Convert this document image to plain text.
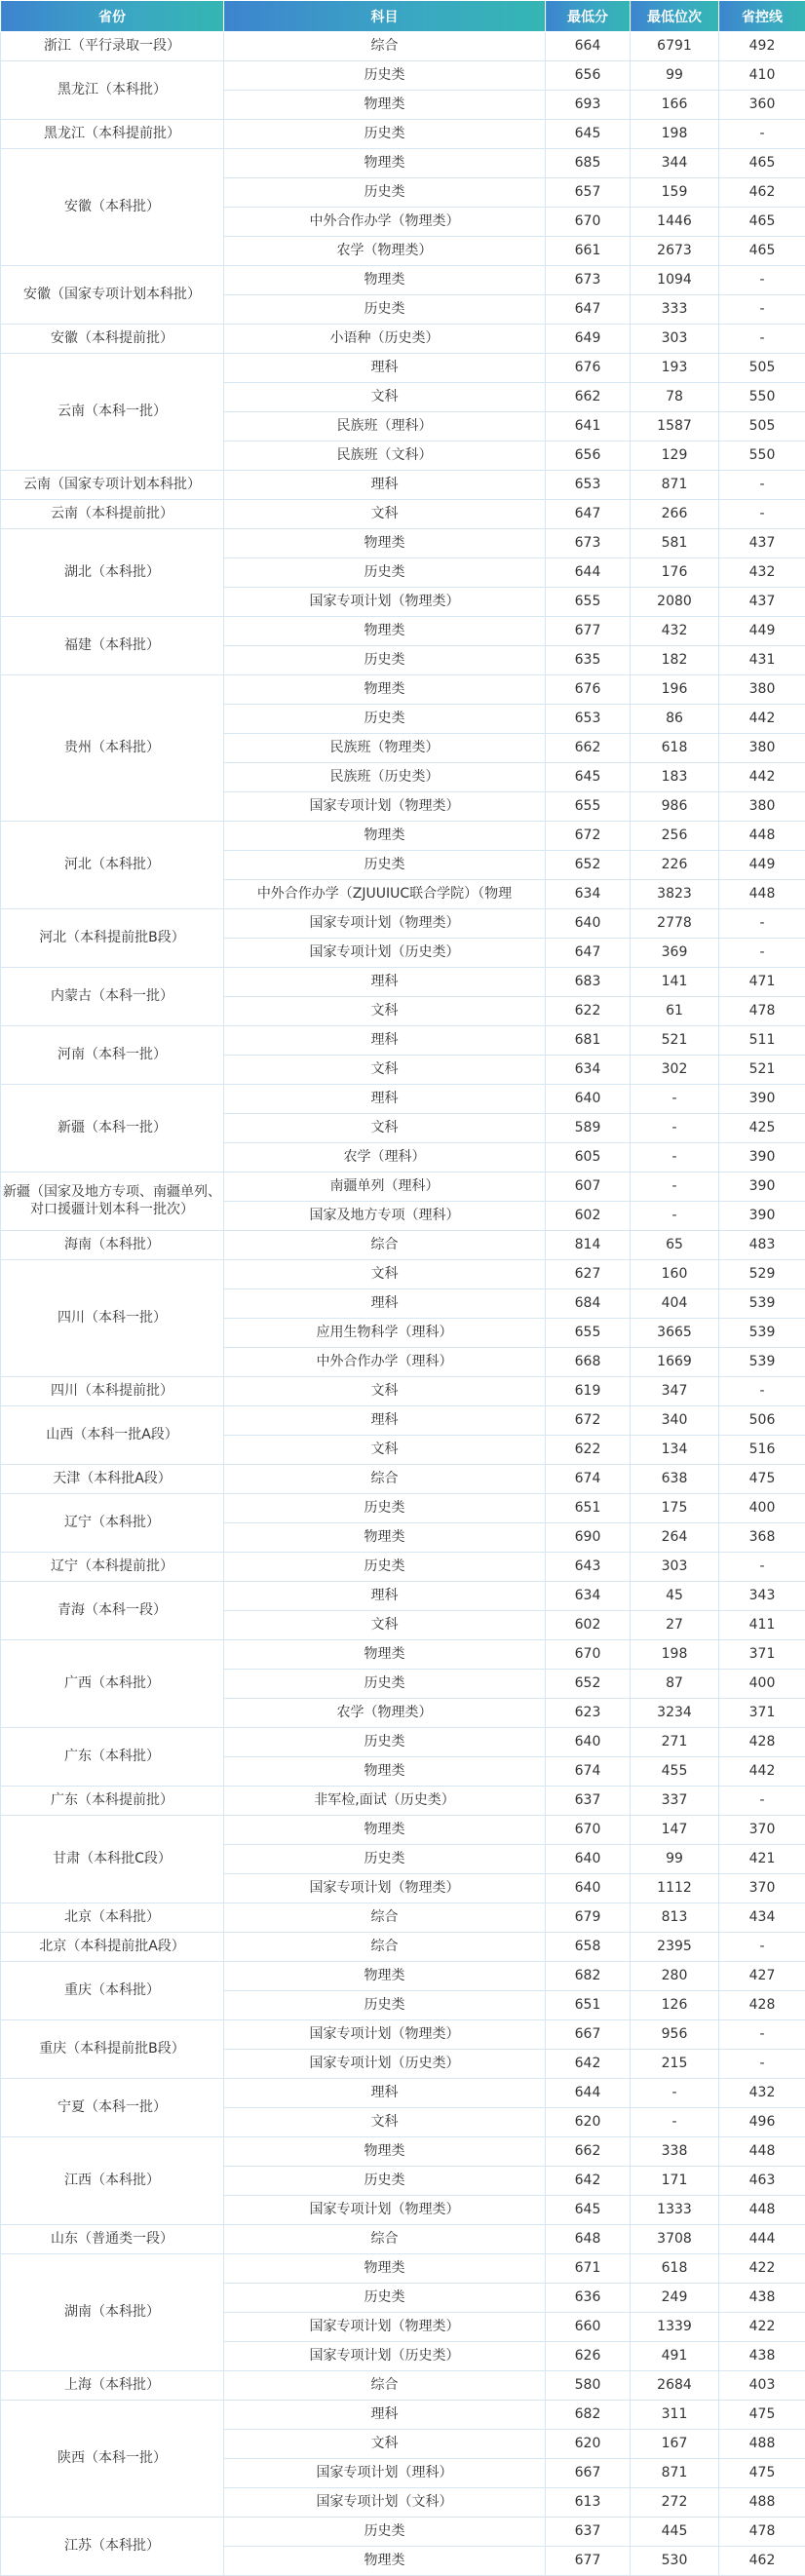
省份	科目	最低分	最低位次	省控线
浙江（平行录取一段）	综合	664	6791	492
黑龙江（本科批）	历史类	656	99	410
	物理类	693	166	360
黑龙江（本科提前批）	历史类	645	198	-
安徽（本科批）	物理类	685	344	465
	历史类	657	159	462
	中外合作办学（物理类）	670	1446	465
	农学（物理类）	661	2673	465
安徽（国家专项计划本科批）	物理类	673	1094	-
	历史类	647	333	-
安徽（本科提前批）	小语种（历史类）	649	303	-
云南（本科一批）	理科	676	193	505
	文科	662	78	550
	民族班（理科）	641	1587	505
	民族班（文科）	656	129	550
云南（国家专项计划本科批）	理科	653	871	-
云南（本科提前批）	文科	647	266	-
湖北（本科批）	物理类	673	581	437
	历史类	644	176	432
	国家专项计划（物理类）	655	2080	437
福建（本科批）	物理类	677	432	449
	历史类	635	182	431
贵州（本科批）	物理类	676	196	380
	历史类	653	86	442
	民族班（物理类）	662	618	380
	民族班（历史类）	645	183	442
	国家专项计划（物理类）	655	986	380
河北（本科批）	物理类	672	256	448
	历史类	652	226	449
	中外合作办学（ZJUUIUC联合学院）（物理	634	3823	448
河北（本科提前批B段）	国家专项计划（物理类）	640	2778	-
	国家专项计划（历史类）	647	369	-
内蒙古（本科一批）	理科	683	141	471
	文科	622	61	478
河南（本科一批）	理科	681	521	511
	文科	634	302	521
新疆（本科一批）	理科	640	-	390
	文科	589	-	425
	农学（理科）	605	-	390
新疆（国家及地方专项、南疆单列、对口援疆计划本科一批次）	南疆单列（理科）	607	-	390
	国家及地方专项（理科）	602	-	390
海南（本科批）	综合	814	65	483
四川（本科一批）	文科	627	160	529
	理科	684	404	539
	应用生物科学（理科）	655	3665	539
	中外合作办学（理科）	668	1669	539
四川（本科提前批）	文科	619	347	-
山西（本科一批A段）	理科	672	340	506
	文科	622	134	516
天津（本科批A段）	综合	674	638	475
辽宁（本科批）	历史类	651	175	400
	物理类	690	264	368
辽宁（本科提前批）	历史类	643	303	-
青海（本科一段）	理科	634	45	343
	文科	602	27	411
广西（本科批）	物理类	670	198	371
	历史类	652	87	400
	农学（物理类）	623	3234	371
广东（本科批）	历史类	640	271	428
	物理类	674	455	442
广东（本科提前批）	非军检,面试（历史类）	637	337	-
甘肃（本科批C段）	物理类	670	147	370
	历史类	640	99	421
	国家专项计划（物理类）	640	1112	370
北京（本科批）	综合	679	813	434
北京（本科提前批A段）	综合	658	2395	-
重庆（本科批）	物理类	682	280	427
	历史类	651	126	428
重庆（本科提前批B段）	国家专项计划（物理类）	667	956	-
	国家专项计划（历史类）	642	215	-
宁夏（本科一批）	理科	644	-	432
	文科	620	-	496
江西（本科批）	物理类	662	338	448
	历史类	642	171	463
	国家专项计划（物理类）	645	1333	448
山东（普通类一段）	综合	648	3708	444
湖南（本科批）	物理类	671	618	422
	历史类	636	249	438
	国家专项计划（物理类）	660	1339	422
	国家专项计划（历史类）	626	491	438
上海（本科批）	综合	580	2684	403
陕西（本科一批）	理科	682	311	475
	文科	620	167	488
	国家专项计划（理科）	667	871	475
	国家专项计划（文科）	613	272	488
江苏（本科批）	历史类	637	445	478
	物理类	677	530	462
